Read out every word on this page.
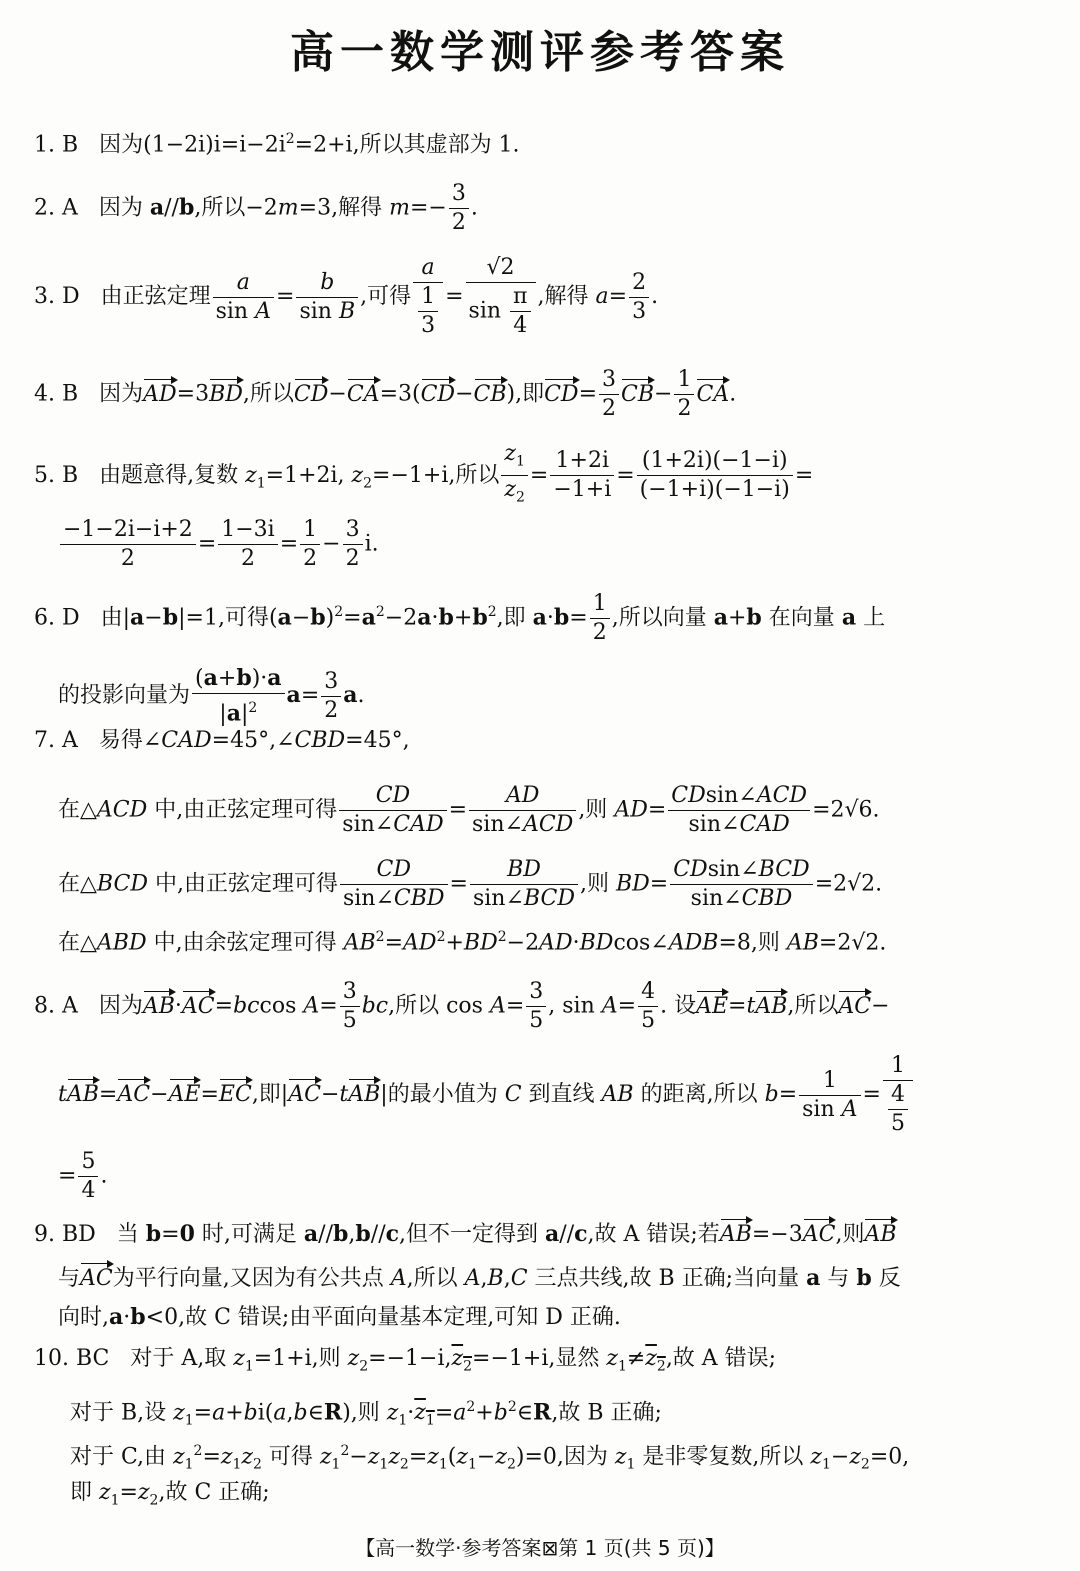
高一数学测评参考答案
1. B   因为$(1-2i)i=i-2i^2=2+i$,所以其虚部为 1.
2. A   因为 a//b,所以−2m=3,解得 $m=- \frac{3}{2}$ .
3. D   由正弦定理 $\frac{a}{\text{sin A}} = \frac{b}{\text{sin B}}$ ,可得 $\frac{a}{\frac{1}{3}} = \frac{√2}{\sin \frac{\pi}{4}}$ ,解得 $a= \frac{2}{3}$ .
4. B   因为AD=3BD,所以CD−CA=3(CD−CB),即$CD= \frac{3}{2} CB- \frac{1}{2}$ CA.
5. B   由题意得,复数 $z_1=1+2i$, $z_2=-1+i$,所以 $\frac{z_1}{z_2} = \frac{1+2i}{-1+i} = \frac{(1+2i)(-1-i)}{(-1+i)(-1-i)}$ =
$\frac{-1-2i-i+2}{2} = \frac{1-3i}{2} = \frac{1}{2} - \frac{3}{2} i$.
6. D   由|a−b|=1,可得$(a-b)^2=a^2-2a\cdot b+b^2$,即 $a\cdot b= \frac{1}{2}$ ,所以向量 a+b 在向量 a 上
的投影向量为 $\frac{(a+b)\cdot a}{|a|^2} a= \frac{3}{2} a$.
7. A   易得∠CAD=45°,∠CBD=45°,
在△ACD 中,由正弦定理可得 $\frac{CD}{\text{sin∠CAD}} = \frac{AD}{\text{sin∠ACD}}$ ,则 $AD= \frac{\text{CDsin∠ACD}}{\text{sin∠CAD}} =2√6$.
在△BCD 中,由正弦定理可得 $\frac{CD}{\text{sin∠CBD}} = \frac{BD}{\text{sin∠BCD}}$ ,则 $BD= \frac{\text{CDsin∠BCD}}{\text{sin∠CBD}} =2√2$.
在△ABD 中,由余弦定理可得 $AB^2=AD^2+BD^2-2AD\cdot BDcos\angle ADB=8$,则 AB=2√2.
8. A   因为AB·AC=bccos $A= \frac{3}{5}$ bc,所以 $\cos A= \frac{3}{5}$ , $\sin A= \frac{4}{5}$ . 设AE=tAB,所以AC−
tAB=AC−AE=EC,即|AC−tAB|的最小值为 C 到直线 AB 的距离,所以 $b= \frac{1}{\text{sin A}} = \frac{1}{\frac{4}{5}}$
= $\frac{5}{4}$ .
9. BD   当 b=0 时,可满足 a//b,b//c,但不一定得到 a//c,故 A 错误;若AB=−3AC,则AB
与AC为平行向量,又因为有公共点 A,所以 A,B,C 三点共线,故 B 正确;当向量 a 与 b 反
向时,a·b<0,故 C 错误;由平面向量基本定理,可知 D 正确.
10. BC   对于 A,取 $z_1=1+i$,则 $z_2=-1-i,z_2=-1+i$,显然 $z_1\ne z_2$,故 A 错误;
对于 B,设 $z_1=a+bi(a,b\in R)$,则 $z_1\cdot z_1=a^2+b^2\in R$,故 B 正确;
对于 C,由 $z_1^2=z_1z_2$ 可得 $z_1^2-z_1z_2=z_1(z_1-z_2)=0$,因为 $z_1$ 是非零复数,所以 $z_1-z_2=0$,
即 $z_1=z_2$,故 C 正确;
【高一数学·参考答案⊠第 1 页(共 5 页)】
